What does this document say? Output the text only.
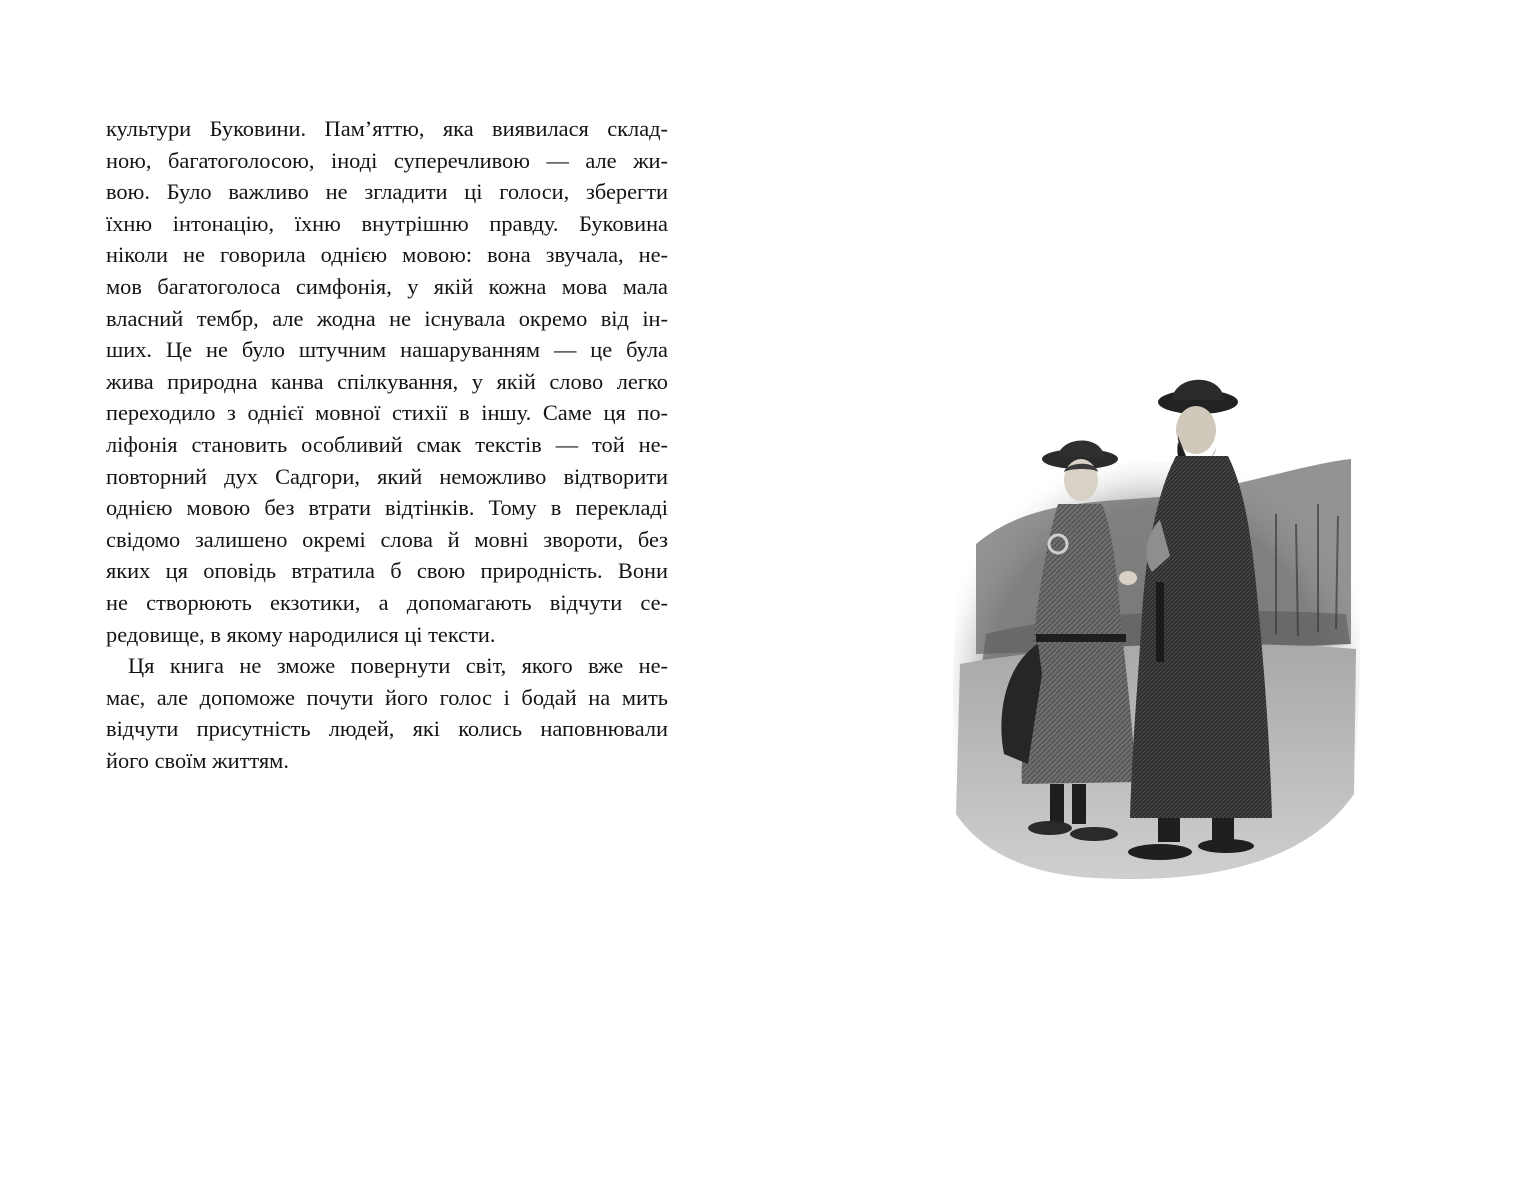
культури Буковини. Пам’яттю, яка виявилася склад-
ною, багатоголосою, іноді суперечливою — але жи-
вою. Було важливо не згладити ці голоси, зберегти
їхню інтонацію, їхню внутрішню правду. Буковина
ніколи не говорила однією мовою: вона звучала, не-
мов багатоголоса симфонія, у якій кожна мова мала
власний тембр, але жодна не існувала окремо від ін-
ших. Це не було штучним нашаруванням — це була
жива природна канва спілкування, у якій слово легко
переходило з однієї мовної стихії в іншу. Саме ця по-
ліфонія становить особливий смак текстів — той не-
повторний дух Садгори, який неможливо відтворити
однією мовою без втрати відтінків. Тому в перекладі
свідомо залишено окремі слова й мовні звороти, без
яких ця оповідь втратила б свою природність. Вони
не створюють екзотики, а допомагають відчути се-
редовище, в якому народилися ці тексти.
Ця книга не зможе повернути світ, якого вже не-
має, але допоможе почути його голос і бодай на мить
відчути присутність людей, які колись наповнювали
його своїм життям.
